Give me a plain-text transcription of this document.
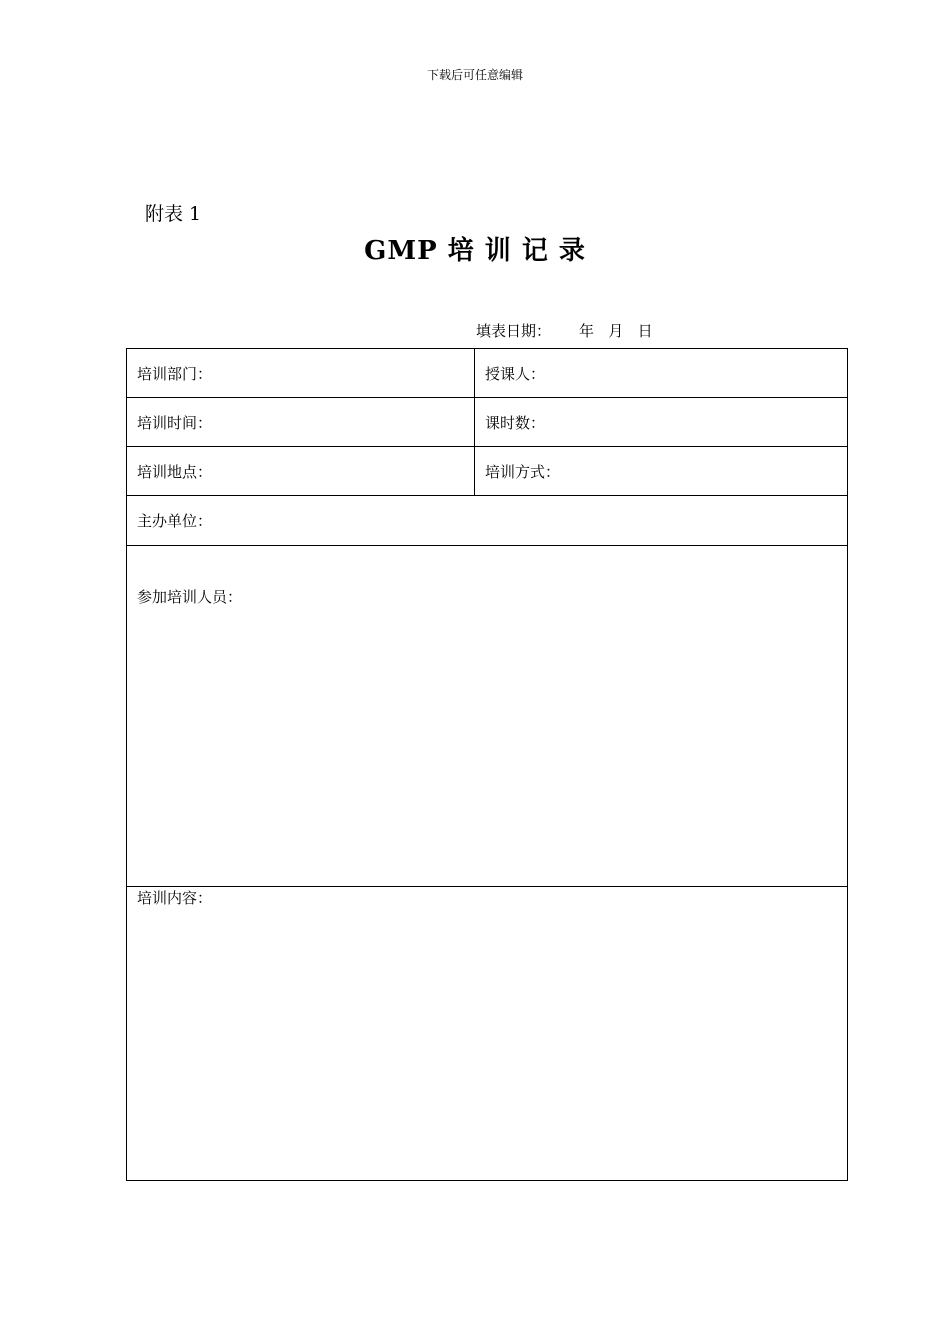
下载后可任意编辑
附表 1
GMP 培 训 记 录
填表日期： 年   月   日
培训部门：	授课人：
培训时间：	课时数：
培训地点：	培训方式：
主办单位：
参加培训人员：
培训内容：
